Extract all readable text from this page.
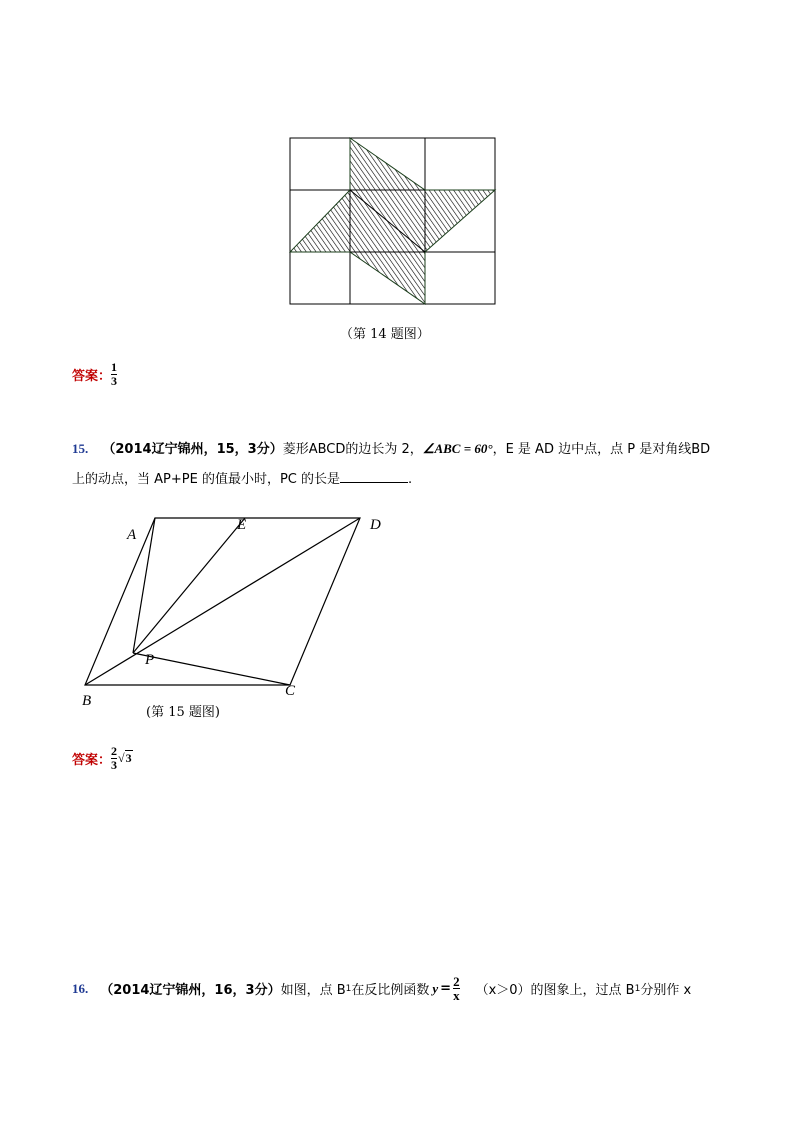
（第 14 题图）
答案： $\frac{1}{3}$
15. （2014辽宁锦州，15，3分）菱形ABCD的边长为 2，∠ABC = 60°，E 是 AD 边中点，点 P 是对角线BD
上的动点，当 AP+PE 的值最小时，PC 的长是	.
A
E	D
P
B
C
(第 15 题图)
答案： $\frac{2}{3} √3$
16. （2014辽宁锦州，16，3分） 如图，点 B 1 在反比例函数 $y = \frac{2}{x} (x>0)$的图象上，过点 B 1 分别作 x
